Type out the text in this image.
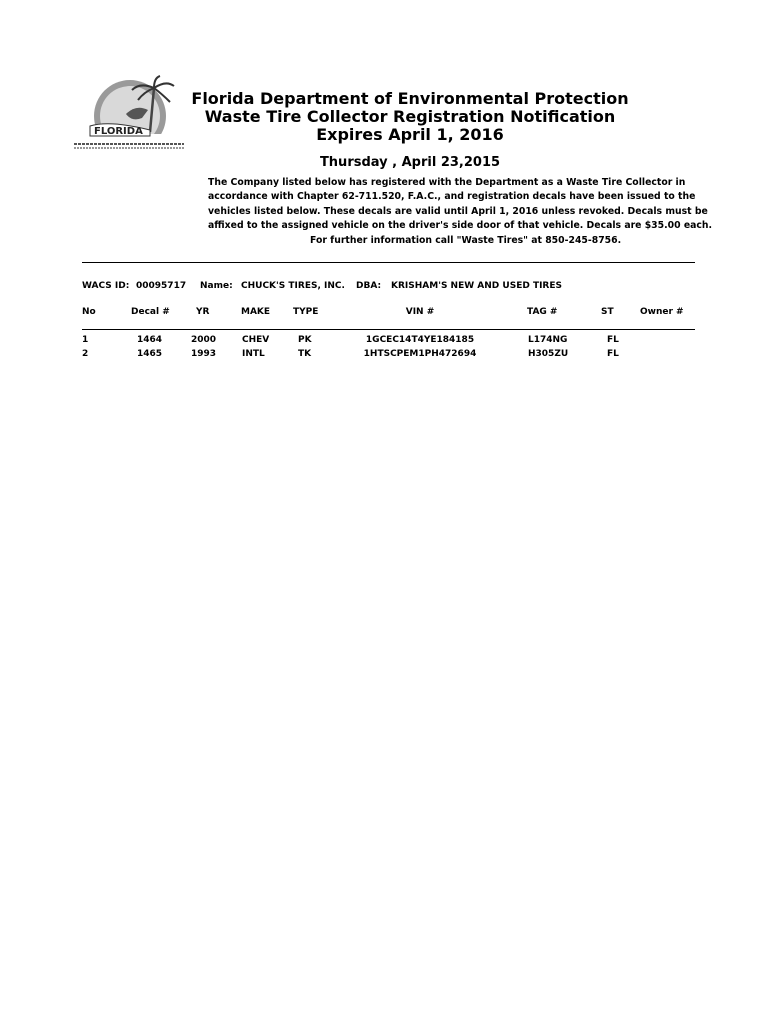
FLORIDA
Florida Department of Environmental Protection
Waste Tire Collector Registration Notification
Expires April 1, 2016
Thursday , April 23,2015
The Company listed below has registered with the Department as a Waste Tire Collector in
accordance with Chapter 62-711.520, F.A.C., and registration decals have been issued to the
vehicles listed below. These decals are valid until April 1, 2016 unless revoked. Decals must be
affixed to the assigned vehicle on the driver's side door of that vehicle. Decals are $35.00 each.
For further information call "Waste Tires" at 850-245-8756.
WACS ID: 00095717 Name: CHUCK'S TIRES, INC. DBA: KRISHAM'S NEW AND USED TIRES
No	Decal #	YR	MAKE	TYPE	VIN #	TAG #	ST	Owner #
1	1464	2000	CHEV	PK	1GCEC14T4YE184185	L174NG	FL
2	1465	1993	INTL	TK	1HTSCPEM1PH472694	H305ZU	FL
